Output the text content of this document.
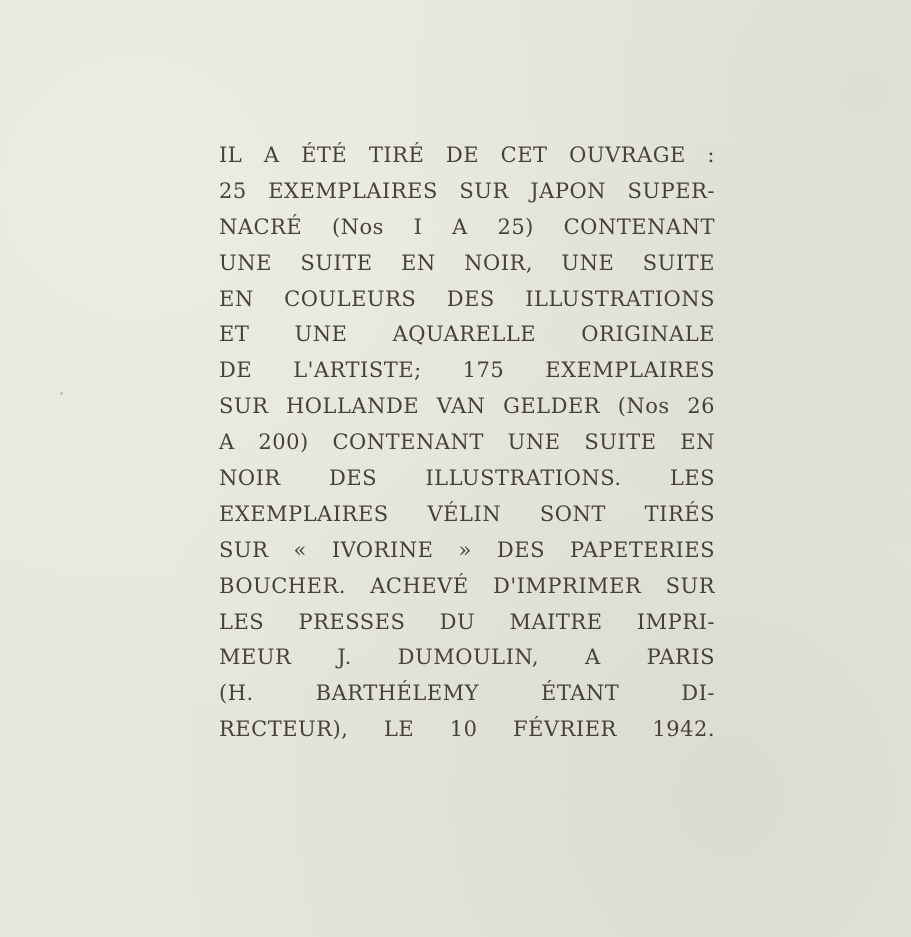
IL A ÉTÉ TIRÉ DE CET OUVRAGE :
25 EXEMPLAIRES SUR JAPON SUPER-
NACRÉ (Nos I A 25) CONTENANT
UNE SUITE EN NOIR, UNE SUITE
EN COULEURS DES ILLUSTRATIONS
ET UNE AQUARELLE ORIGINALE
DE L'ARTISTE; 175 EXEMPLAIRES
SUR HOLLANDE VAN GELDER (Nos 26
A 200) CONTENANT UNE SUITE EN
NOIR DES ILLUSTRATIONS. LES
EXEMPLAIRES VÉLIN SONT TIRÉS
SUR « IVORINE » DES PAPETERIES
BOUCHER. ACHEVÉ D'IMPRIMER SUR
LES PRESSES DU MAITRE IMPRI-
MEUR J. DUMOULIN, A PARIS
(H. BARTHÉLEMY ÉTANT DI-
RECTEUR), LE 10 FÉVRIER 1942.
